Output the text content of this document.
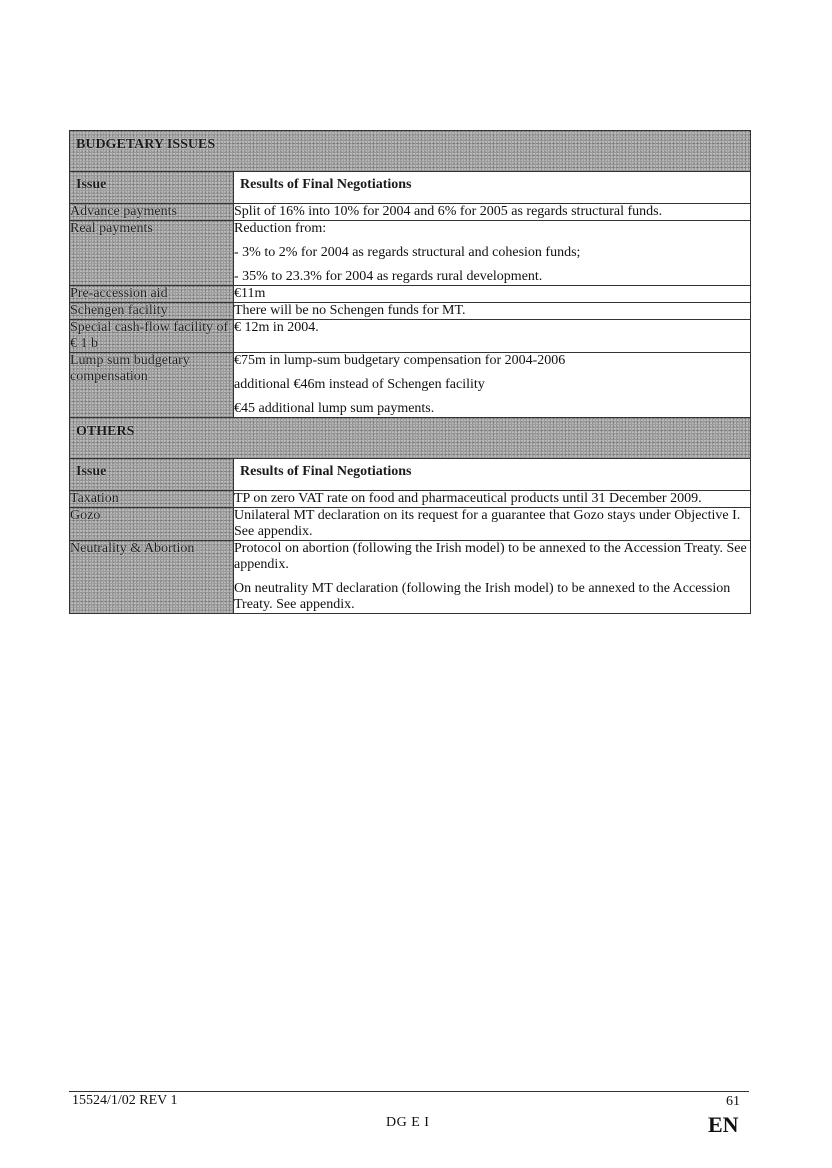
BUDGETARY ISSUES	
Issue	Results of Final Negotiations
Advance payments	Split of 16% into 10% for 2004 and 6% for 2005 as regards structural funds.

Real payments	Reduction from:

- 3% to 2% for 2004 as regards structural and cohesion funds;

- 35% to 23.3% for 2004 as regards rural development.

Pre-accession aid	€11m

Schengen facility	There will be no Schengen funds for MT.

Special cash-flow facility of € 1 b	€ 12m in 2004.

Lump sum budgetary compensation	€75m in lump-sum budgetary compensation for 2004-2006

additional €46m instead of Schengen facility

€45 additional lump sum payments.

OTHERS	
Issue	Results of Final Negotiations
Taxation	TP on zero VAT rate on food and pharmaceutical products until 31 December 2009.

Gozo	Unilateral MT declaration on its request for a guarantee that Gozo stays under Objective I. See appendix.

Neutrality & Abortion	Protocol on abortion (following the Irish model) to be annexed to the Accession Treaty. See appendix.

On neutrality MT declaration (following the Irish model) to be annexed to the Accession Treaty. See appendix.

15524/1/02 REV 1
DG E I
61
EN
